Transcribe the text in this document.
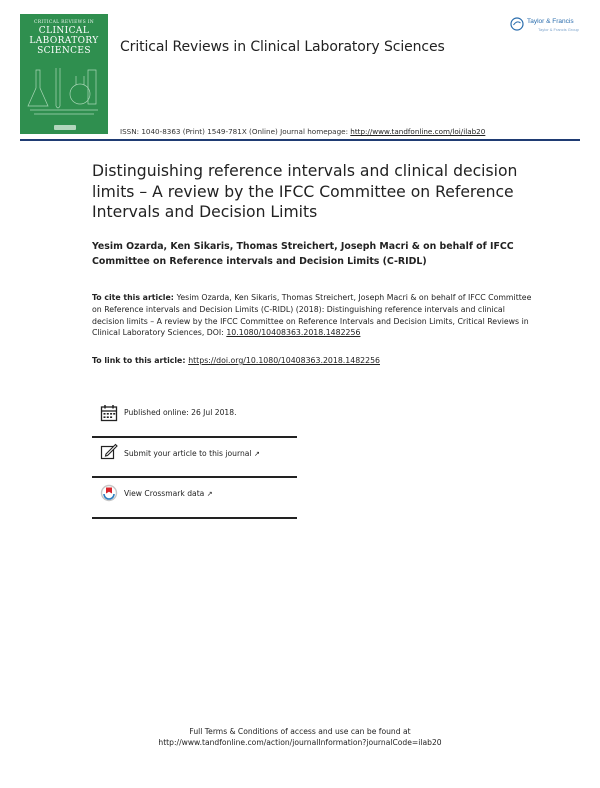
CRITICAL REVIEWS IN
CLINICAL
LABORATORY
SCIENCES	Critical Reviews in Clinical Laboratory Sciences
Taylor & Francis
Taylor & Francis Group
ISSN: 1040-8363 (Print) 1549-781X (Online) Journal homepage: http://www.tandfonline.com/loi/ilab20
Distinguishing reference intervals and clinical decision limits – A review by the IFCC Committee on Reference Intervals and Decision Limits
Yesim Ozarda, Ken Sikaris, Thomas Streichert, Joseph Macri & on behalf of IFCC Committee on Reference intervals and Decision Limits (C-RIDL)
To cite this article: Yesim Ozarda, Ken Sikaris, Thomas Streichert, Joseph Macri & on behalf of IFCC Committee on Reference intervals and Decision Limits (C-RIDL) (2018): Distinguishing reference intervals and clinical decision limits – A review by the IFCC Committee on Reference Intervals and Decision Limits, Critical Reviews in Clinical Laboratory Sciences, DOI: 10.1080/10408363.2018.1482256
To link to this article: https://doi.org/10.1080/10408363.2018.1482256
Published online: 26 Jul 2018.
Submit your article to this journal ↗
View Crossmark data ↗
Full Terms & Conditions of access and use can be found at
http://www.tandfonline.com/action/journalInformation?journalCode=ilab20
